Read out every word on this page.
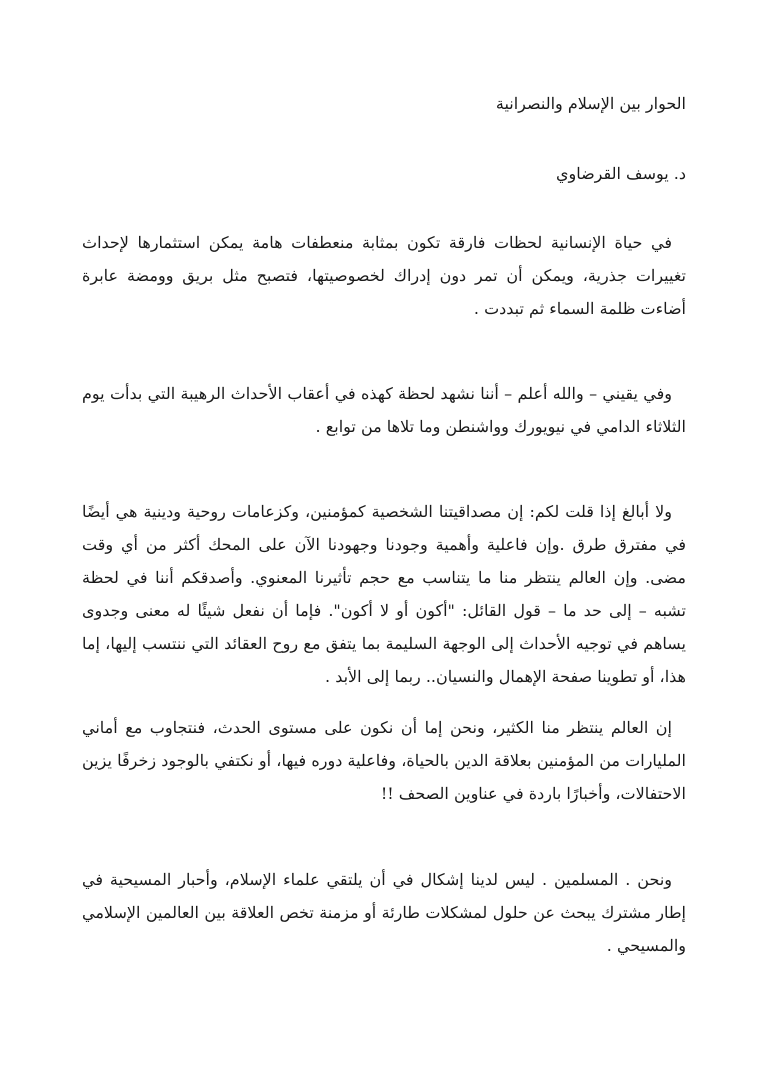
الحوار بين الإسلام والنصرانية

د. يوسف القرضاوي

في حياة الإنسانية لحظات فارقة تكون بمثابة منعطفات هامة يمكن استثمارها لإحداث تغييرات جذرية، ويمكن أن تمر دون إدراك لخصوصيتها، فتصبح مثل بريق وومضة عابرة أضاءت ظلمة السماء ثم تبددت .

وفي يقيني – والله أعلم – أننا نشهد لحظة كهذه في أعقاب الأحداث الرهيبة التي بدأت يوم الثلاثاء الدامي في نيويورك وواشنطن وما تلاها من توابع .

ولا أبالغ إذا قلت لكم: إن مصداقيتنا الشخصية كمؤمنين، وكزعامات روحية ودينية هي أيضًا في مفترق طرق .وإن فاعلية وأهمية وجودنا وجهودنا الآن على المحك أكثر من أي وقت مضى. وإن العالم ينتظر منا ما يتناسب مع حجم تأثيرنا المعنوي. وأصدقكم أننا في لحظة تشبه – إلى حد ما – قول القائل: "أكون أو لا أكون". فإما أن نفعل شيئًا له معنى وجدوى يساهم في توجيه الأحداث إلى الوجهة السليمة بما يتفق مع روح العقائد التي ننتسب إليها، إما هذا، أو تطوينا صفحة الإهمال والنسيان.. ربما إلى الأبد .

إن العالم ينتظر منا الكثير، ونحن إما أن نكون على مستوى الحدث، فنتجاوب مع أماني المليارات من المؤمنين بعلاقة الدين بالحياة، وفاعلية دوره فيها، أو نكتفي بالوجود زخرفًا يزين الاحتفالات، وأخبارًا باردة في عناوين الصحف !!

ونحن . المسلمين . ليس لدينا إشكال في أن يلتقي علماء الإسلام، وأحبار المسيحية في إطار مشترك يبحث عن حلول لمشكلات طارئة أو مزمنة تخص العلاقة بين العالمين الإسلامي والمسيحي .
